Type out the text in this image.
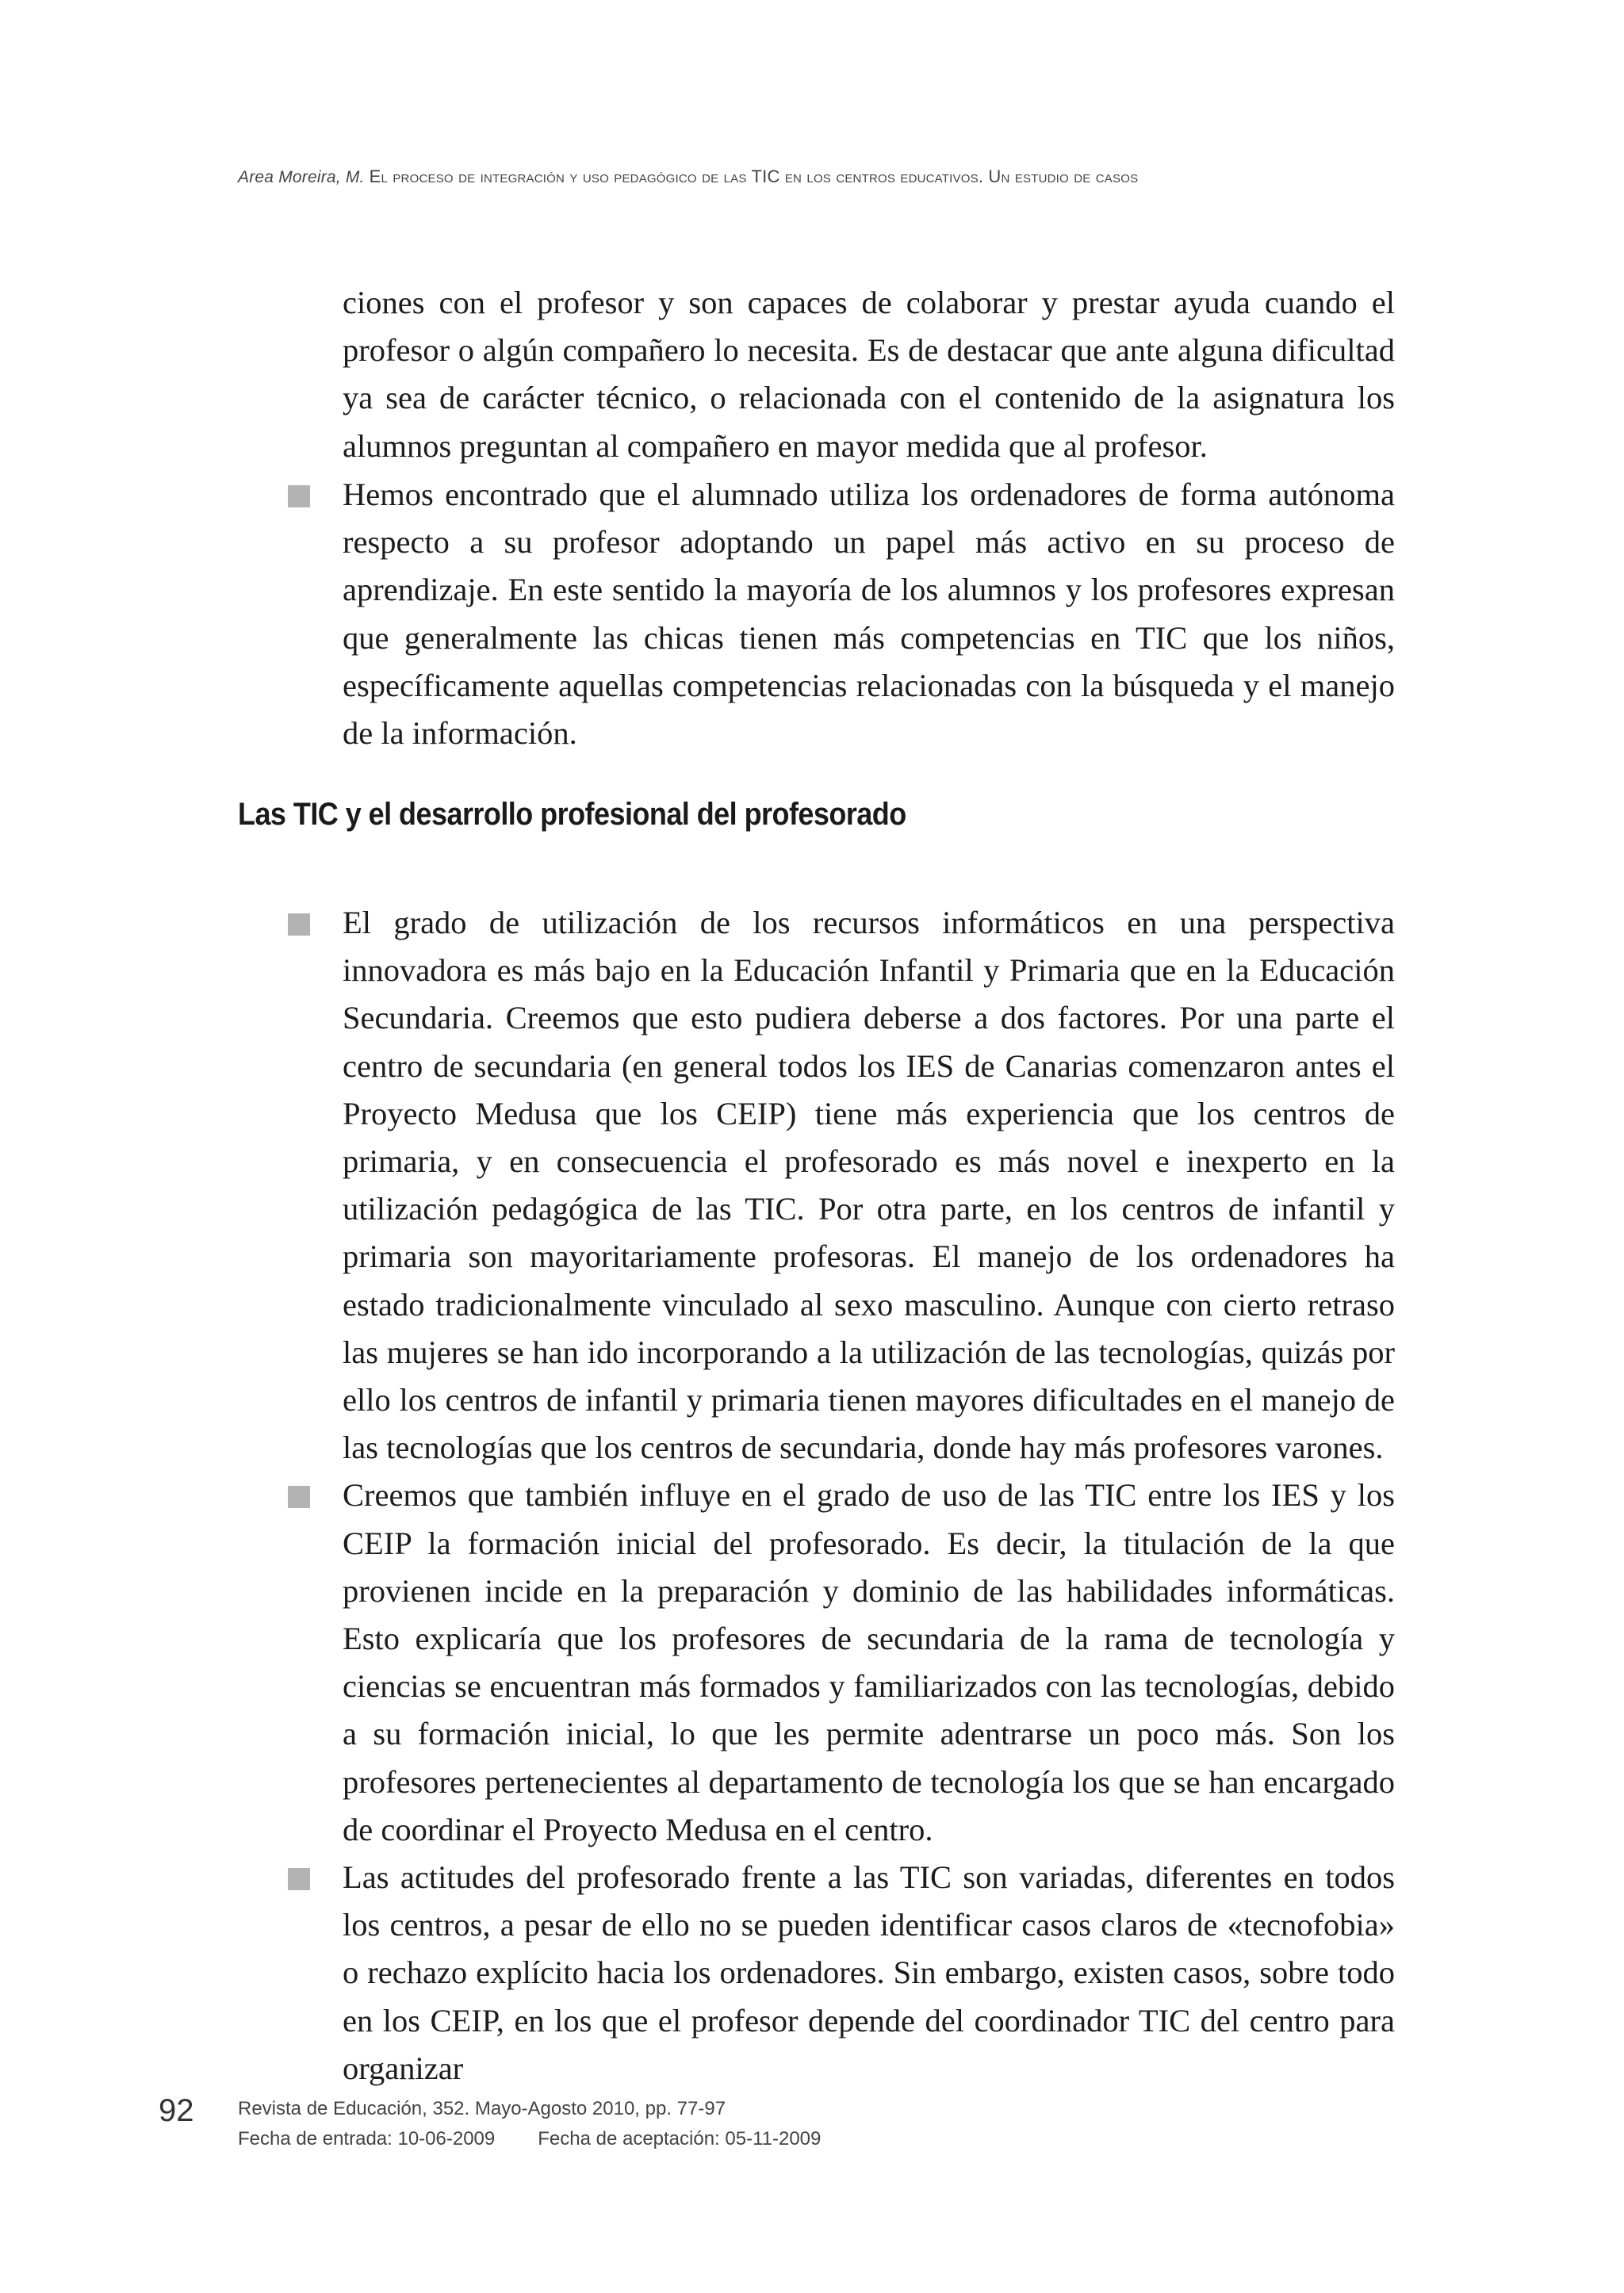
Area Moreira, M. El proceso de integración y uso pedagógico de las TIC en los centros educativos. Un estudio de casos

ciones con el profesor y son capaces de colaborar y prestar ayuda cuando el profesor o algún compañero lo necesita. Es de destacar que ante alguna dificultad ya sea de carácter técnico, o relacionada con el contenido de la asignatura los alumnos preguntan al compañero en mayor medida que al profesor.

Hemos encontrado que el alumnado utiliza los ordenadores de forma autónoma respecto a su profesor adoptando un papel más activo en su proceso de aprendizaje. En este sentido la mayoría de los alumnos y los profesores expresan que generalmente las chicas tienen más competencias en TIC que los niños, específicamente aquellas competencias relacionadas con la búsqueda y el manejo de la información.

Las TIC y el desarrollo profesional del profesorado

El grado de utilización de los recursos informáticos en una perspectiva innovadora es más bajo en la Educación Infantil y Primaria que en la Educación Secundaria. Creemos que esto pudiera deberse a dos factores. Por una parte el centro de secundaria (en general todos los IES de Canarias comenzaron antes el Proyecto Medusa que los CEIP) tiene más experiencia que los centros de primaria, y en consecuencia el profesorado es más novel e inexperto en la utilización pedagógica de las TIC. Por otra parte, en los centros de infantil y primaria son mayoritariamente profesoras. El manejo de los ordenadores ha estado tradicionalmente vinculado al sexo masculino. Aunque con cierto retraso las mujeres se han ido incorporando a la utilización de las tecnologías, quizás por ello los centros de infantil y primaria tienen mayores dificultades en el manejo de las tecnologías que los centros de secundaria, donde hay más profesores varones.

Creemos que también influye en el grado de uso de las TIC entre los IES y los CEIP la formación inicial del profesorado. Es decir, la titulación de la que provienen incide en la preparación y dominio de las habilidades informáticas. Esto explicaría que los profesores de secundaria de la rama de tecnología y ciencias se encuentran más formados y familiarizados con las tecnologías, debido a su formación inicial, lo que les permite adentrarse un poco más. Son los profesores pertenecientes al departamento de tecnología los que se han encargado de coordinar el Proyecto Medusa en el centro.

Las actitudes del profesorado frente a las TIC son variadas, diferentes en todos los centros, a pesar de ello no se pueden identificar casos claros de «tecnofobia» o rechazo explícito hacia los ordenadores. Sin embargo, existen casos, sobre todo en los CEIP, en los que el profesor depende del coordinador TIC del centro para organizar

92 Revista de Educación, 352. Mayo-Agosto 2010, pp. 77-97
Fecha de entrada: 10-06-2009 Fecha de aceptación: 05-11-2009
